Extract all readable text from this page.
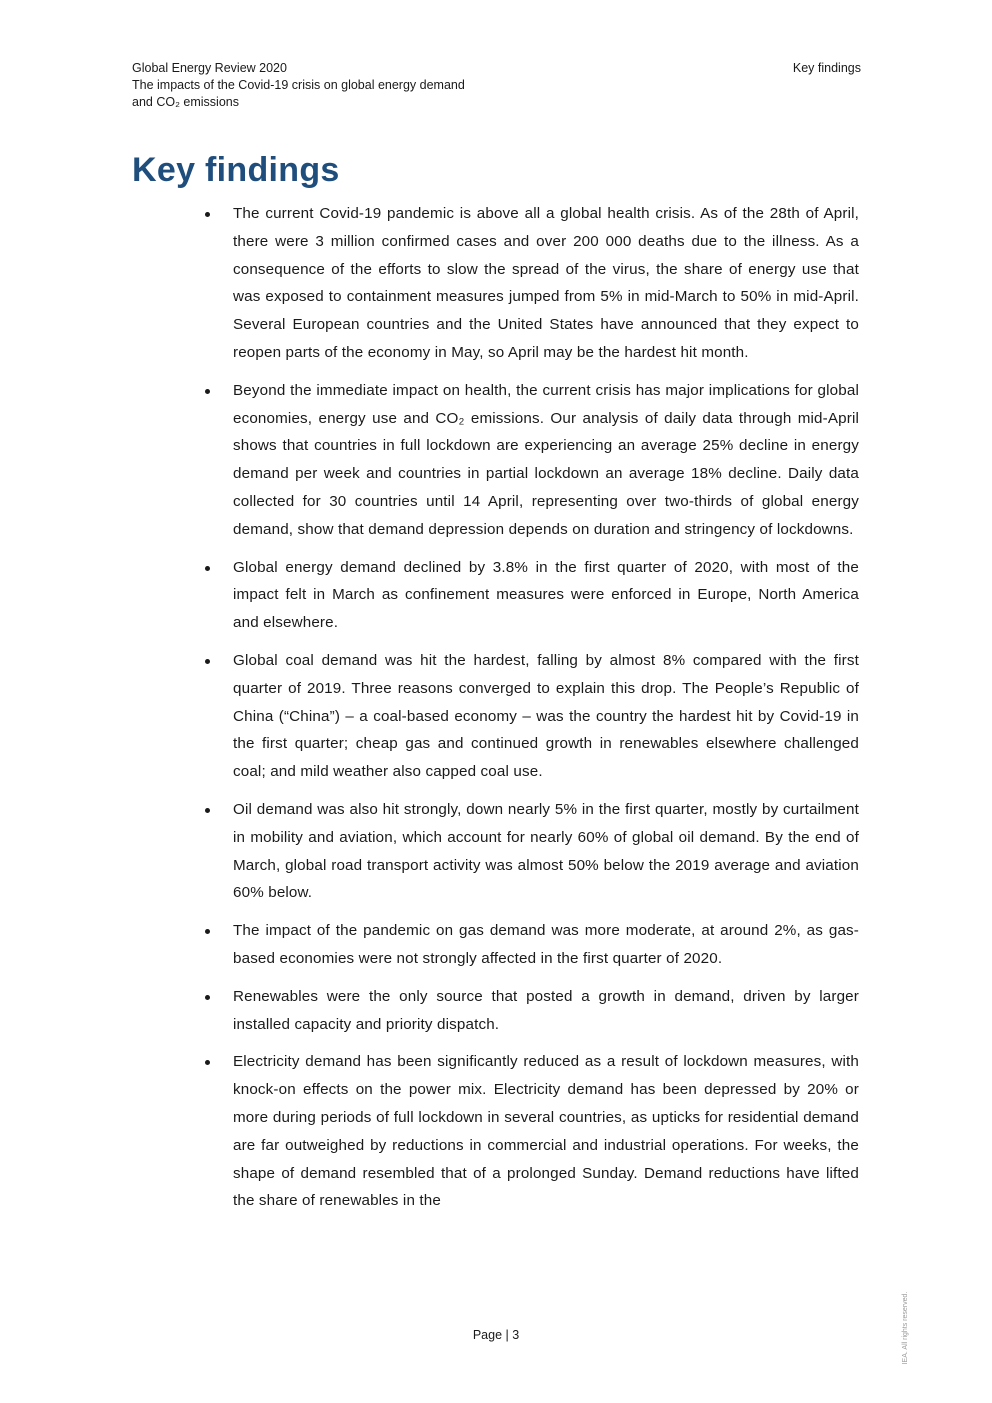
Global Energy Review 2020
The impacts of the Covid-19 crisis on global energy demand
and CO₂ emissions
Key findings
Key findings
The current Covid-19 pandemic is above all a global health crisis. As of the 28th of April, there were 3 million confirmed cases and over 200 000 deaths due to the illness. As a consequence of the efforts to slow the spread of the virus, the share of energy use that was exposed to containment measures jumped from 5% in mid-March to 50% in mid-April. Several European countries and the United States have announced that they expect to reopen parts of the economy in May, so April may be the hardest hit month.
Beyond the immediate impact on health, the current crisis has major implications for global economies, energy use and CO₂ emissions. Our analysis of daily data through mid-April shows that countries in full lockdown are experiencing an average 25% decline in energy demand per week and countries in partial lockdown an average 18% decline. Daily data collected for 30 countries until 14 April, representing over two-thirds of global energy demand, show that demand depression depends on duration and stringency of lockdowns.
Global energy demand declined by 3.8% in the first quarter of 2020, with most of the impact felt in March as confinement measures were enforced in Europe, North America and elsewhere.
Global coal demand was hit the hardest, falling by almost 8% compared with the first quarter of 2019. Three reasons converged to explain this drop. The People’s Republic of China (“China”) – a coal-based economy – was the country the hardest hit by Covid-19 in the first quarter; cheap gas and continued growth in renewables elsewhere challenged coal; and mild weather also capped coal use.
Oil demand was also hit strongly, down nearly 5% in the first quarter, mostly by curtailment in mobility and aviation, which account for nearly 60% of global oil demand. By the end of March, global road transport activity was almost 50% below the 2019 average and aviation 60% below.
The impact of the pandemic on gas demand was more moderate, at around 2%, as gas-based economies were not strongly affected in the first quarter of 2020.
Renewables were the only source that posted a growth in demand, driven by larger installed capacity and priority dispatch.
Electricity demand has been significantly reduced as a result of lockdown measures, with knock-on effects on the power mix. Electricity demand has been depressed by 20% or more during periods of full lockdown in several countries, as upticks for residential demand are far outweighed by reductions in commercial and industrial operations. For weeks, the shape of demand resembled that of a prolonged Sunday. Demand reductions have lifted the share of renewables in the
Page | 3	IEA. All rights reserved.
